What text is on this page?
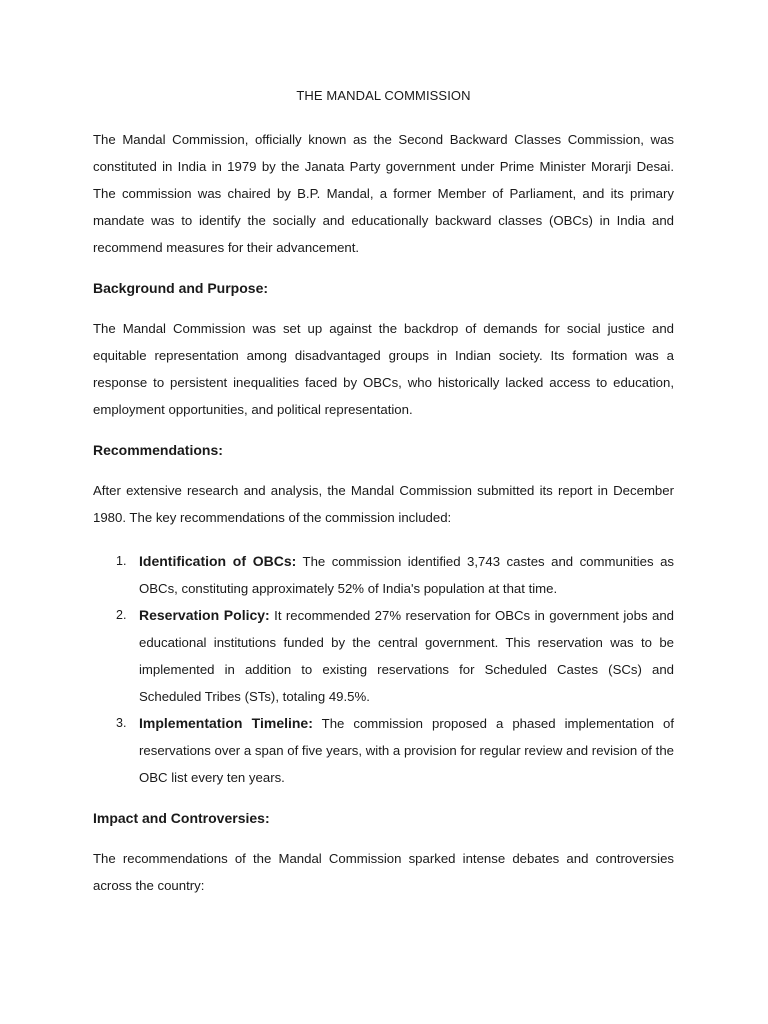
THE MANDAL COMMISSION

The Mandal Commission, officially known as the Second Backward Classes Commission, was constituted in India in 1979 by the Janata Party government under Prime Minister Morarji Desai. The commission was chaired by B.P. Mandal, a former Member of Parliament, and its primary mandate was to identify the socially and educationally backward classes (OBCs) in India and recommend measures for their advancement.

Background and Purpose:

The Mandal Commission was set up against the backdrop of demands for social justice and equitable representation among disadvantaged groups in Indian society. Its formation was a response to persistent inequalities faced by OBCs, who historically lacked access to education, employment opportunities, and political representation.

Recommendations:

After extensive research and analysis, the Mandal Commission submitted its report in December 1980. The key recommendations of the commission included:

1. Identification of OBCs: The commission identified 3,743 castes and communities as OBCs, constituting approximately 52% of India's population at that time.
2. Reservation Policy: It recommended 27% reservation for OBCs in government jobs and educational institutions funded by the central government. This reservation was to be implemented in addition to existing reservations for Scheduled Castes (SCs) and Scheduled Tribes (STs), totaling 49.5%.
3. Implementation Timeline: The commission proposed a phased implementation of reservations over a span of five years, with a provision for regular review and revision of the OBC list every ten years.
Impact and Controversies:

The recommendations of the Mandal Commission sparked intense debates and controversies across the country:
